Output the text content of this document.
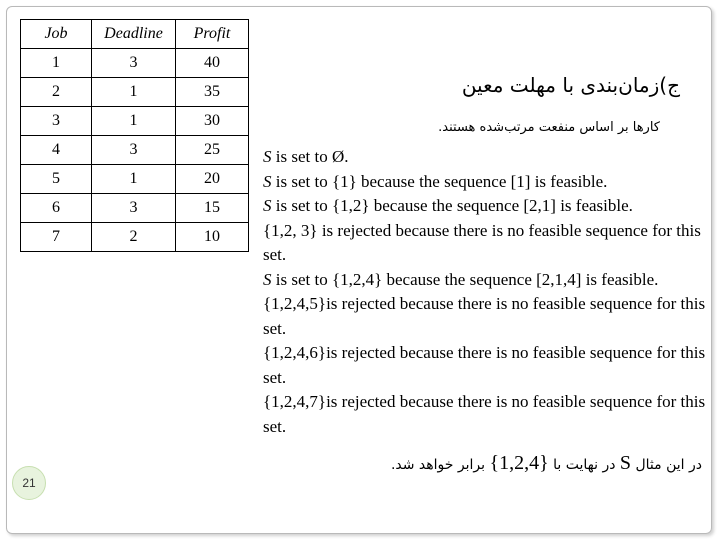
Job	Deadline	Profit
1	3	40
2	1	35
3	1	30
4	3	25
5	1	20
6	3	15
7	2	10
ج)زمان‌بندی با مهلت معین
کارها بر اساس منفعت مرتب‌شده هستند.

S is set to Ø.

S is set to {1} because the sequence [1] is feasible.

S is set to {1,2} because the sequence [2,1] is feasible.

{1,2, 3} is rejected because there is no feasible sequence for this set.

S is set to {1,2,4} because the sequence [2,1,4] is feasible.

{1,2,4,5}is rejected because there is no feasible sequence for this set.

{1,2,4,6}is rejected because there is no feasible sequence for this set.

{1,2,4,7}is rejected because there is no feasible sequence for this set.

در این مثال S در نهایت با {1,2,4} برابر خواهد شد.
21
